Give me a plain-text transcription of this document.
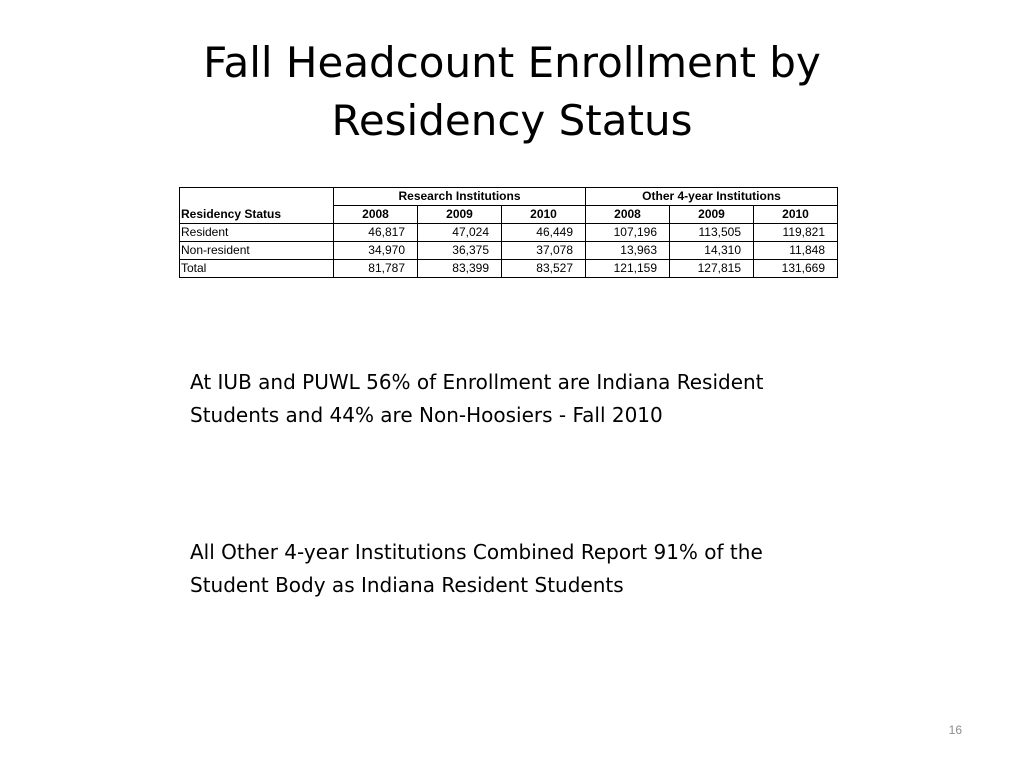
Fall Headcount Enrollment by Residency Status
	Research Institutions			Other 4-year Institutions		
Residency Status	2008	2009	2010	2008	2009	2010
Resident	46,817	47,024	46,449	107,196	113,505	119,821
Non-resident	34,970	36,375	37,078	13,963	14,310	11,848
Total	81,787	83,399	83,527	121,159	127,815	131,669

At IUB and PUWL 56% of Enrollment are Indiana Resident Students and 44% are Non-Hoosiers - Fall 2010

All Other 4-year Institutions Combined Report 91% of the Student Body as Indiana Resident Students

16
